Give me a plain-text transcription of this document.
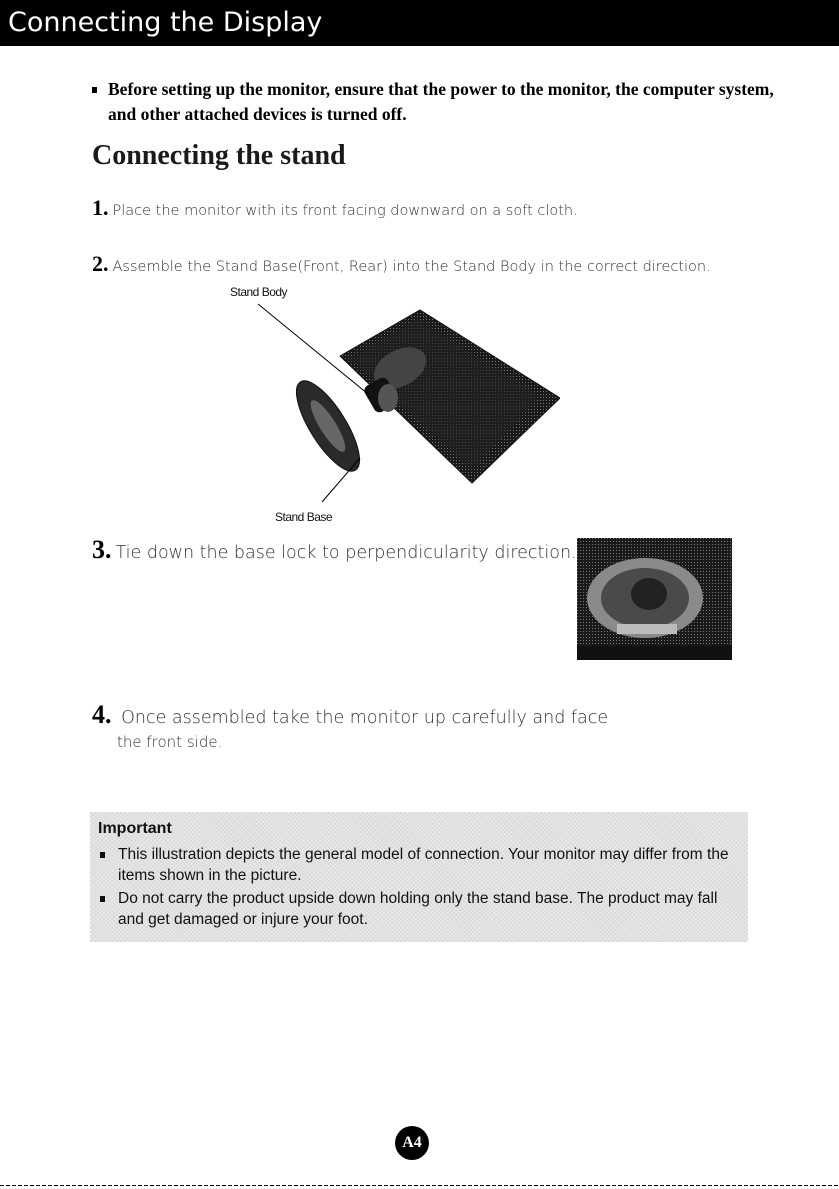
Connecting the Display
Before setting up the monitor, ensure that the power to the monitor, the computer system, and other attached devices is turned off.
Connecting the stand
1. Place the monitor with its front facing downward on a soft cloth.
2. Assemble the Stand Base(Front, Rear) into the Stand Body in the correct direction.
Stand Body
Stand Base
3. Tie down the base lock to perpendicularity direction.
4. Once assembled take the monitor up carefully and face
the front side.
Important
This illustration depicts the general model of connection. Your monitor may differ from the items shown in the picture.
Do not carry the product upside down holding only the stand base. The product may fall and get damaged or injure your foot.
A4
